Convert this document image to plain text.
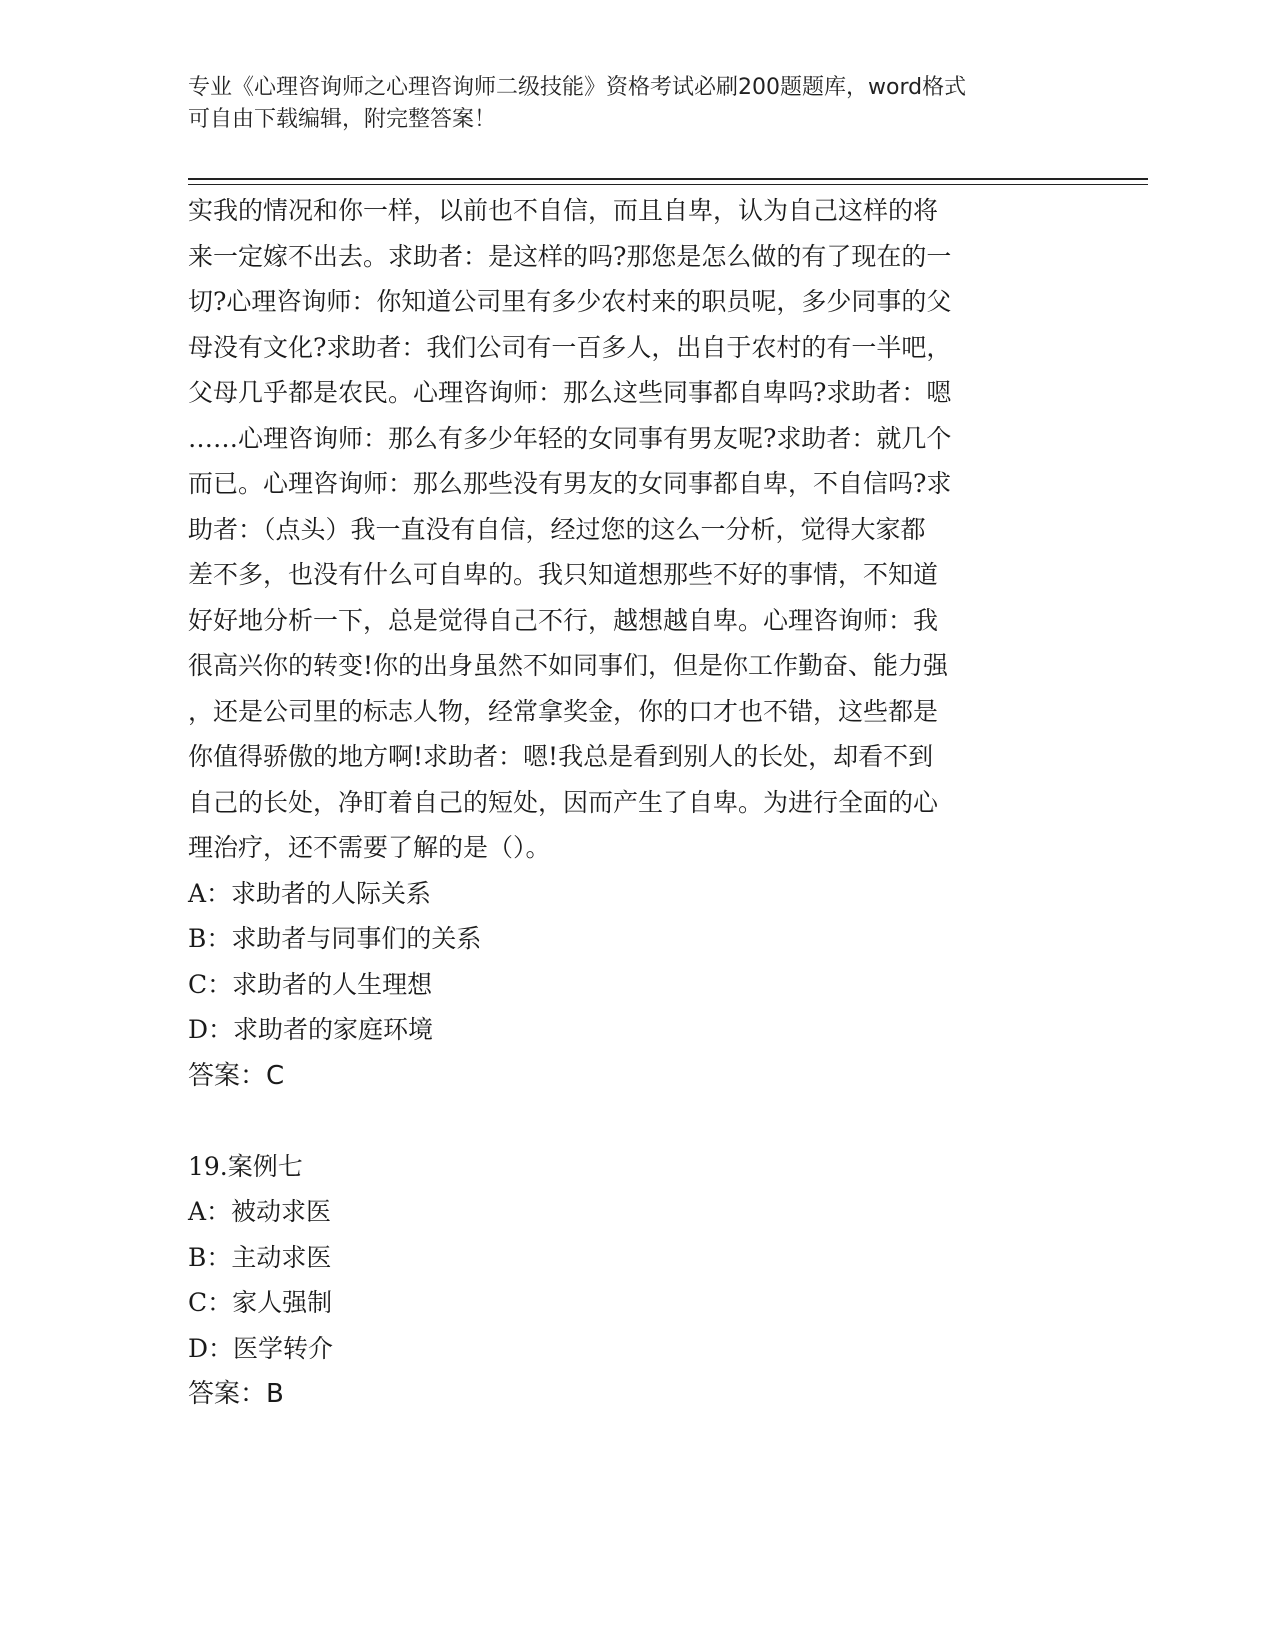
专业《心理咨询师之心理咨询师二级技能》资格考试必刷200题题库，word格式
可自由下载编辑，附完整答案！
实我的情况和你一样，以前也不自信，而且自卑，认为自己这样的将
来一定嫁不出去。求助者：是这样的吗?那您是怎么做的有了现在的一
切?心理咨询师：你知道公司里有多少农村来的职员呢，多少同事的父
母没有文化?求助者：我们公司有一百多人，出自于农村的有一半吧，
父母几乎都是农民。心理咨询师：那么这些同事都自卑吗?求助者：嗯
……心理咨询师：那么有多少年轻的女同事有男友呢?求助者：就几个
而已。心理咨询师：那么那些没有男友的女同事都自卑，不自信吗?求
助者：（点头）我一直没有自信，经过您的这么一分析，觉得大家都
差不多，也没有什么可自卑的。我只知道想那些不好的事情，不知道
好好地分析一下，总是觉得自己不行，越想越自卑。心理咨询师：我
很高兴你的转变!你的出身虽然不如同事们，但是你工作勤奋、能力强
，还是公司里的标志人物，经常拿奖金，你的口才也不错，这些都是
你值得骄傲的地方啊!求助者：嗯!我总是看到别人的长处，却看不到
自己的长处，净盯着自己的短处，因而产生了自卑。为进行全面的心
理治疗，还不需要了解的是（）。
A：求助者的人际关系
B：求助者与同事们的关系
C：求助者的人生理想
D：求助者的家庭环境
答案：C
19.案例七
A：被动求医
B：主动求医
C：家人强制
D：医学转介
答案：B
